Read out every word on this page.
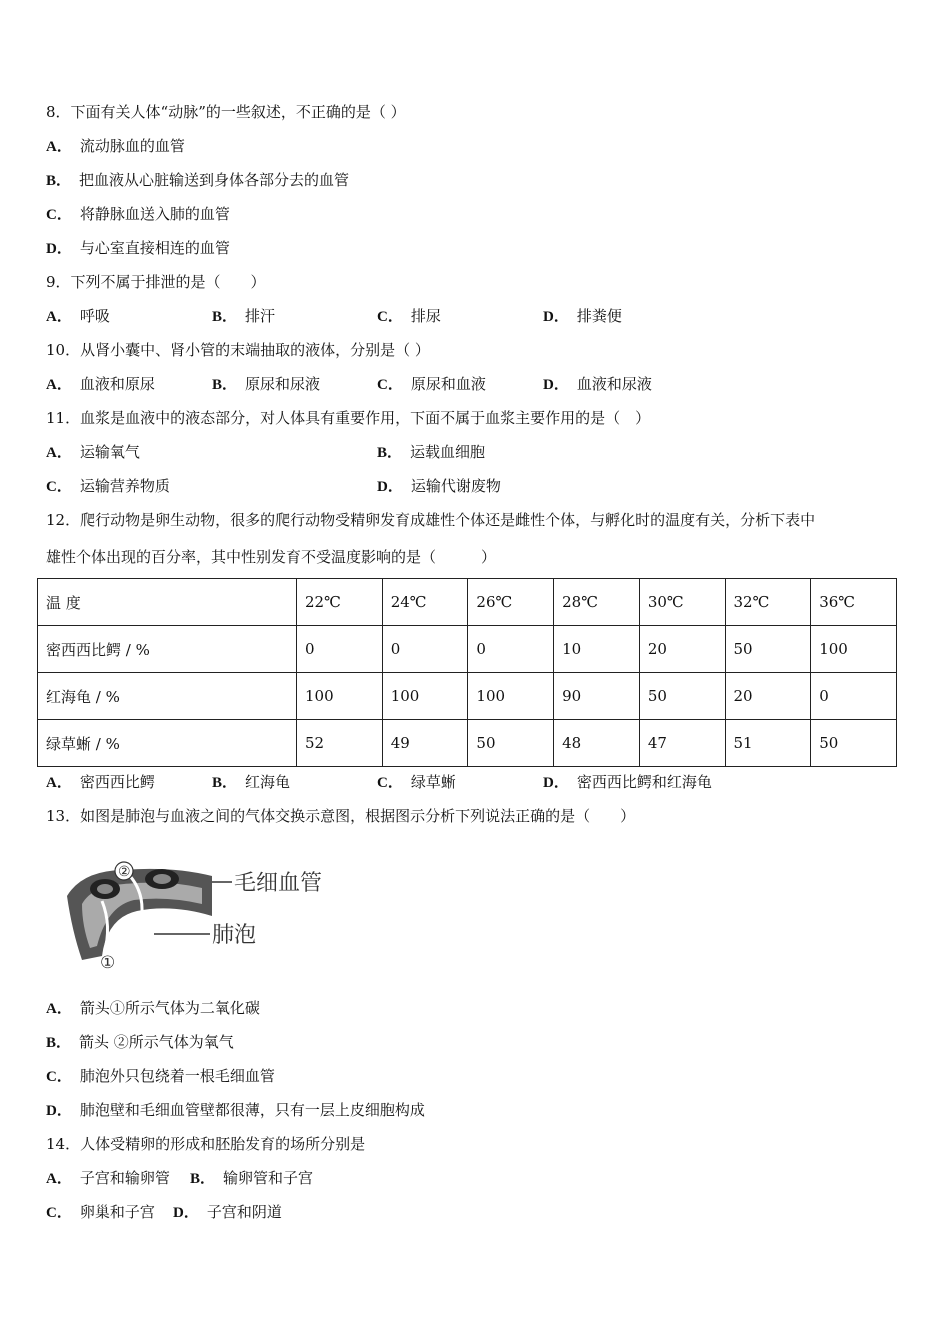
8．下面有关人体“动脉”的一些叙述，不正确的是（ ）
A． 流动脉血的血管
B． 把血液从心脏输送到身体各部分去的血管
C． 将静脉血送入肺的血管
D． 与心室直接相连的血管
9．下列不属于排泄的是（　　）
A． 呼吸	B． 排汗	C． 排尿	D． 排粪便
10．从肾小囊中、肾小管的末端抽取的液体，分别是（ ）
A． 血液和原尿	B． 原尿和尿液	C． 原尿和血液	D． 血液和尿液
11．血浆是血液中的液态部分，对人体具有重要作用，下面不属于血浆主要作用的是（　）
A． 运输氧气	B． 运载血细胞
C． 运输营养物质	D． 运输代谢废物
12．爬行动物是卵生动物，很多的爬行动物受精卵发育成雄性个体还是雌性个体，与孵化时的温度有关，分析下表中
雄性个体出现的百分率，其中性别发育不受温度影响的是（　　　）
温 度	22℃	24℃	26℃	28℃	30℃	32℃	36℃
密西西比鳄 / %	0	0	0	10	20	50	100
红海龟 / %	100	100	100	90	50	20	0
绿草蜥 / %	52	49	50	48	47	51	50
A． 密西西比鳄	B． 红海龟	C． 绿草蜥	D． 密西西比鳄和红海龟
13．如图是肺泡与血液之间的气体交换示意图，根据图示分析下列说法正确的是（　　）
②
①
毛细血管
肺泡
A． 箭头①所示气体为二氧化碳
B． 箭头 ②所示气体为氧气
C． 肺泡外只包绕着一根毛细血管
D． 肺泡壁和毛细血管壁都很薄，只有一层上皮细胞构成
14．人体受精卵的形成和胚胎发育的场所分别是
A． 子宫和输卵管 B． 输卵管和子宫
C． 卵巢和子宫 D． 子宫和阴道
